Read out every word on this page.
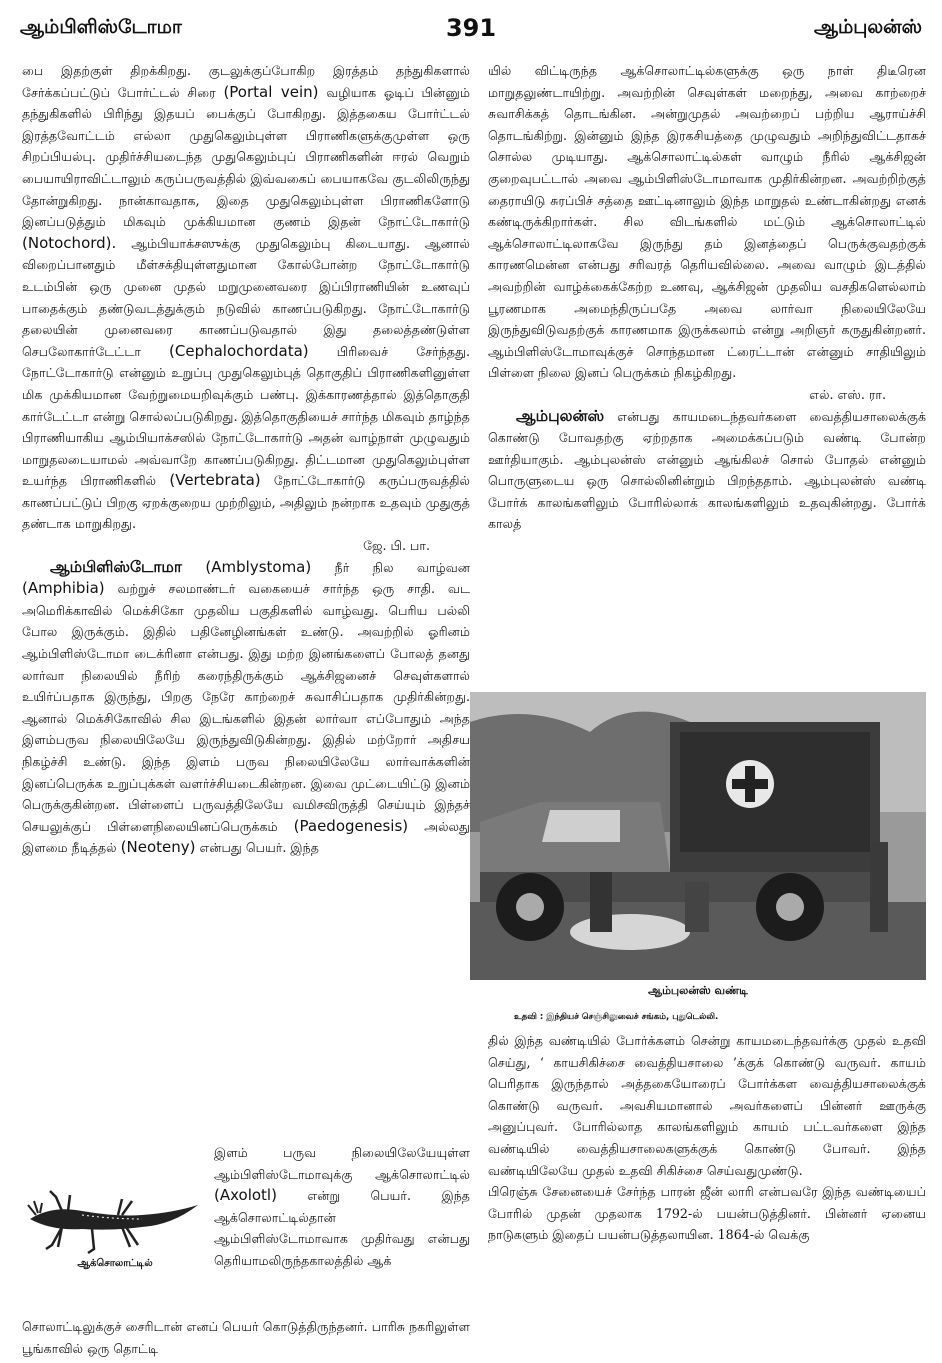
ஆம்பிளிஸ்டோமா	391	ஆம்புலன்ஸ்

பை இதற்குள் திறக்கிறது. குடலுக்குப்போகிற இரத்தம் தந்துகிகளால் சேர்க்கப்பட்டுப் போர்ட்டல் சிரை (Portal vein) வழியாக ஓடிப் பின்னும் தந்துகிகளில் பிரிந்து இதயப் பைக்குப் போகிறது. இத்தகைய போர்ட்டல் இரத்தவோட்டம் எல்லா முதுகெலும்புள்ள பிராணிகளுக்குமுள்ள ஒரு சிறப்பியல்பு. முதிர்ச்சியடைந்த முதுகெலும்புப் பிராணிகளின் ஈரல் வெறும் பையாயிராவிட்டாலும் கருப்பருவத்தில் இவ்வகைப் பையாகவே குடலிலிருந்து தோன்றுகிறது. நான்காவதாக, இதை முதுகெலும்புள்ள பிராணிகளோடு இனப்படுத்தும் மிகவும் முக்கியமான குணம் இதன் நோட்டோகார்டு (Notochord). ஆம்பியாக்சஸுக்கு முதுகெலும்பு கிடையாது. ஆனால் விறைப்பானதும் மீள்சக்தியுள்ளதுமான கோல்போன்ற நோட்டோகார்டு உடம்பின் ஒரு முனை முதல் மறுமுனைவரை இப்பிராணியின் உணவுப் பாதைக்கும் தண்டுவடத்துக்கும் நடுவில் காணப்படுகிறது. நோட்டோகார்டு தலையின் முனைவரை காணப்படுவதால் இது தலைத்தண்டுள்ள செபலோகார்டேட்டா (Cephalochordata) பிரிவைச் சேர்ந்தது. நோட்டோகார்டு என்னும் உறுப்பு முதுகெலும்புத் தொகுதிப் பிராணிகளினுள்ள மிக முக்கியமான வேற்றுமையறிவுக்கும் பண்பு. இக்காரணத்தால் இத்தொகுதி கார்டேட்டா என்று சொல்லப்படுகிறது. இத்தொகுதியைச் சார்ந்த மிகவும் தாழ்ந்த பிராணியாகிய ஆம்பியாக்சஸில் நோட்டோகார்டு அதன் வாழ்நாள் முழுவதும் மாறுதலடையாமல் அவ்வாறே காணப்படுகிறது. திட்டமான முதுகெலும்புள்ள உயர்ந்த பிராணிகளில் (Vertebrata) நோட்டோகார்டு கருப்பருவத்தில் காணப்பட்டுப் பிறகு ஏறக்குறைய முற்றிலும், அதிலும் நன்றாக உதவும் முதுகுத் தண்டாக மாறுகிறது.

ஜே. பி. பா.

ஆம்பிளிஸ்டோமா (Amblystoma) நீர் நில வாழ்வன (Amphibia) வற்றுச் சலமாண்டர் வகையைச் சார்ந்த ஒரு சாதி. வட அமெரிக்காவில் மெக்சிகோ முதலிய பகுதிகளில் வாழ்வது. பெரிய பல்லி போல இருக்கும். இதில் பதினேழினங்கள் உண்டு. அவற்றில் ஓரினம் ஆம்பிளிஸ்டோமா டைக்ரினா என்பது. இது மற்ற இனங்களைப் போலத் தனது லார்வா நிலையில் நீரிற் கரைந்திருக்கும் ஆக்சிஜனைச் செவுள்களால் உயிர்ப்பதாக இருந்து, பிறகு நேரே காற்றைச் சுவாசிப்பதாக முதிர்கின்றது. ஆனால் மெக்சிகோவில் சில இடங்களில் இதன் லார்வா எப்போதும் அந்த இளம்பருவ நிலையிலேயே இருந்துவிடுகின்றது. இதில் மற்றோர் அதிசய நிகழ்ச்சி உண்டு. இந்த இளம் பருவ நிலையிலேயே லார்வாக்களின் இனப்பெருக்க உறுப்புக்கள் வளர்ச்சியடைகின்றன. இவை முட்டையிட்டு இனம் பெருக்குகின்றன. பிள்ளைப் பருவத்திலேயே வமிசவிருத்தி செய்யும் இந்தச் செயலுக்குப் பிள்ளைநிலையினப்பெருக்கம் (Paedogenesis) அல்லது இளமை நீடித்தல் (Neoteny) என்பது பெயர். இந்த

ஆக்சொலாட்டில்
இளம் பருவ நிலையிலேயேயுள்ள ஆம்பிளிஸ்டோமாவுக்கு ஆக்சொலாட்டில் (Axolotl) என்று பெயர். இந்த ஆக்சொலாட்டில்தான் ஆம்பிளிஸ்டோமாவாக முதிர்வது என்பது தெரியாமலிருந்தகாலத்தில் ஆக்
சொலாட்டிலுக்குச் சைரிடான் எனப் பெயர் கொடுத்திருந்தனர். பாரிசு நகரிலுள்ள பூங்காவில் ஒரு தொட்டி

யில் விட்டிருந்த ஆக்சொலாட்டில்களுக்கு ஒரு நாள் திடீரென மாறுதலுண்டாயிற்று. அவற்றின் செவுள்கள் மறைந்து, அவை காற்றைச் சுவாசிக்கத் தொடங்கின. அன்றுமுதல் அவற்றைப் பற்றிய ஆராய்ச்சி தொடங்கிற்று. இன்னும் இந்த இரகசியத்தை முழுவதும் அறிந்துவிட்டதாகச் சொல்ல முடியாது. ஆக்சொலாட்டில்கள் வாழும் நீரில் ஆக்சிஜன் குறைவுபட்டால் அவை ஆம்பிளிஸ்டோமாவாக முதிர்கின்றன. அவற்றிற்குத் தைராயிடு சுரப்பிச் சத்தை ஊட்டினாலும் இந்த மாறுதல் உண்டாகின்றது எனக் கண்டிருக்கிறார்கள். சில விடங்களில் மட்டும் ஆக்சொலாட்டில் ஆக்சொலாட்டிலாகவே இருந்து தம் இனத்தைப் பெருக்குவதற்குக் காரணமென்ன என்பது சரிவரத் தெரியவில்லை. அவை வாழும் இடத்தில் அவற்றின் வாழ்க்கைக்கேற்ற உணவு, ஆக்சிஜன் முதலிய வசதிகளெல்லாம் பூரணமாக அமைந்திருப்பதே அவை லார்வா நிலையிலேயே இருந்துவிடுவதற்குக் காரணமாக இருக்கலாம் என்று அறிஞர் கருதுகின்றனர். ஆம்பிளிஸ்டோமாவுக்குச் சொந்தமான ட்ரைட்டான் என்னும் சாதியிலும் பிள்ளை நிலை இனப் பெருக்கம் நிகழ்கிறது.

எல். எஸ். ரா.

ஆம்புலன்ஸ் என்பது காயமடைந்தவர்களை வைத்தியசாலைக்குக் கொண்டு போவதற்கு ஏற்றதாக அமைக்கப்படும் வண்டி போன்ற ஊர்தியாகும். ஆம்புலன்ஸ் என்னும் ஆங்கிலச் சொல் போதல் என்னும் பொருளுடைய ஒரு சொல்லினின்றும் பிறந்ததாம். ஆம்புலன்ஸ் வண்டி போர்க் காலங்களிலும் போரில்லாக் காலங்களிலும் உதவுகின்றது. போர்க் காலத்

ஆம்புலன்ஸ் வண்டி
உதவி : இந்தியச் செஞ்சிலுவைச் சங்கம், புதுடெல்லி.

தில் இந்த வண்டியில் போர்க்களம் சென்று காயமடைந்தவர்க்கு முதல் உதவி செய்து, ‘ காயசிகிச்சை வைத்தியசாலை ’க்குக் கொண்டு வருவர். காயம் பெரிதாக இருந்தால் அத்தகையோரைப் போர்க்கள வைத்தியசாலைக்குக் கொண்டு வருவர். அவசியமானால் அவர்களைப் பின்னர் ஊருக்கு அனுப்புவர். போரில்லாத காலங்களிலும் காயம் பட்டவர்களை இந்த வண்டியில் வைத்தியசாலைகளுக்குக் கொண்டு போவர். இந்த வண்டியிலேயே முதல் உதவி சிகிச்சை செய்வதுமுண்டு.

பிரெஞ்சு சேனையைச் சேர்ந்த பாரன் ஜீன் லாரி என்பவரே இந்த வண்டியைப் போரில் முதன் முதலாக 1792-ல் பயன்படுத்தினர். பின்னர் ஏனைய நாடுகளும் இதைப் பயன்படுத்தலாயின. 1864-ல் வெக்கு
